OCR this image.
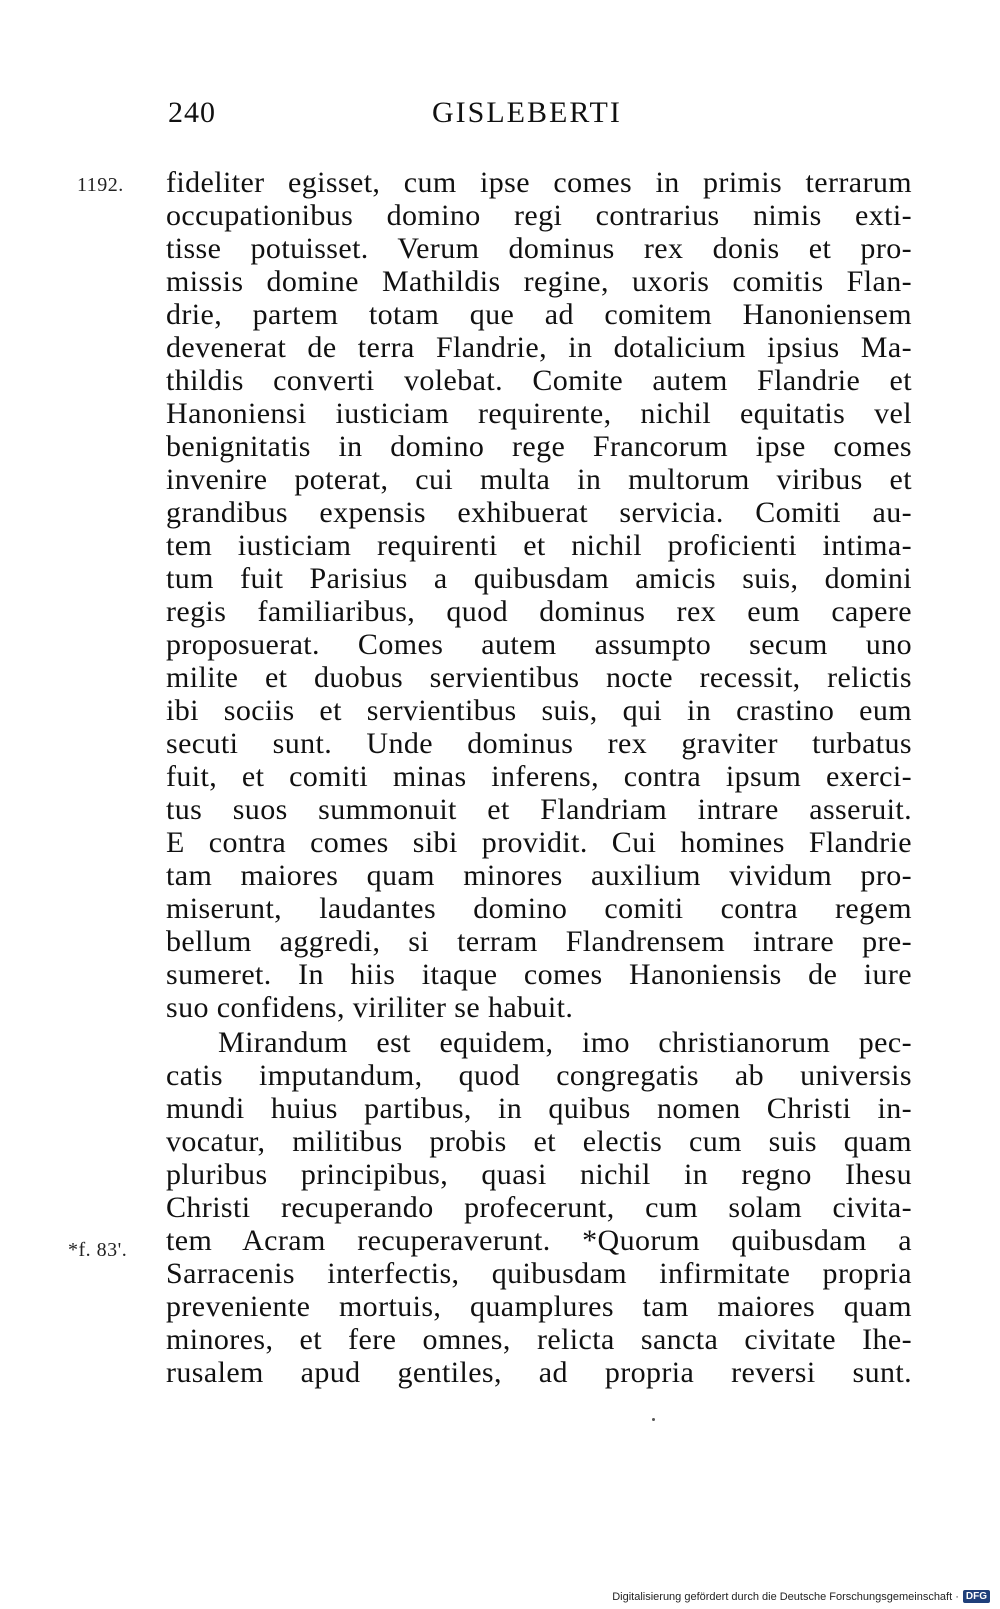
240	GISLEBERTI
1192.
*f. 83'.
fideliter egisset, cum ipse comes in primis terrarum
occupationibus domino regi contrarius nimis exti-
tisse potuisset. Verum dominus rex donis et pro-
missis domine Mathildis regine, uxoris comitis Flan-
drie, partem totam que ad comitem Hanoniensem
devenerat de terra Flandrie, in dotalicium ipsius Ma-
thildis converti volebat. Comite autem Flandrie et
Hanoniensi iusticiam requirente, nichil equitatis vel
benignitatis in domino rege Francorum ipse comes
invenire poterat, cui multa in multorum viribus et
grandibus expensis exhibuerat servicia. Comiti au-
tem iusticiam requirenti et nichil proficienti intima-
tum fuit Parisius a quibusdam amicis suis, domini
regis familiaribus, quod dominus rex eum capere
proposuerat. Comes autem assumpto secum uno
milite et duobus servientibus nocte recessit, relictis
ibi sociis et servientibus suis, qui in crastino eum
secuti sunt. Unde dominus rex graviter turbatus
fuit, et comiti minas inferens, contra ipsum exerci-
tus suos summonuit et Flandriam intrare asseruit.
E contra comes sibi providit. Cui homines Flandrie
tam maiores quam minores auxilium vividum pro-
miserunt, laudantes domino comiti contra regem
bellum aggredi, si terram Flandrensem intrare pre-
sumeret. In hiis itaque comes Hanoniensis de iure
suo confidens, viriliter se habuit.
Mirandum est equidem, imo christianorum pec-
catis imputandum, quod congregatis ab universis
mundi huius partibus, in quibus nomen Christi in-
vocatur, militibus probis et electis cum suis quam
pluribus principibus, quasi nichil in regno Ihesu
Christi recuperando profecerunt, cum solam civita-
tem Acram recuperaverunt. *Quorum quibusdam a
Sarracenis interfectis, quibusdam infirmitate propria
preveniente mortuis, quamplures tam maiores quam
minores, et fere omnes, relicta sancta civitate Ihe-
rusalem apud gentiles, ad propria reversi sunt.
Digitalisierung gefördert durch die Deutsche Forschungsgemeinschaft · DFG
